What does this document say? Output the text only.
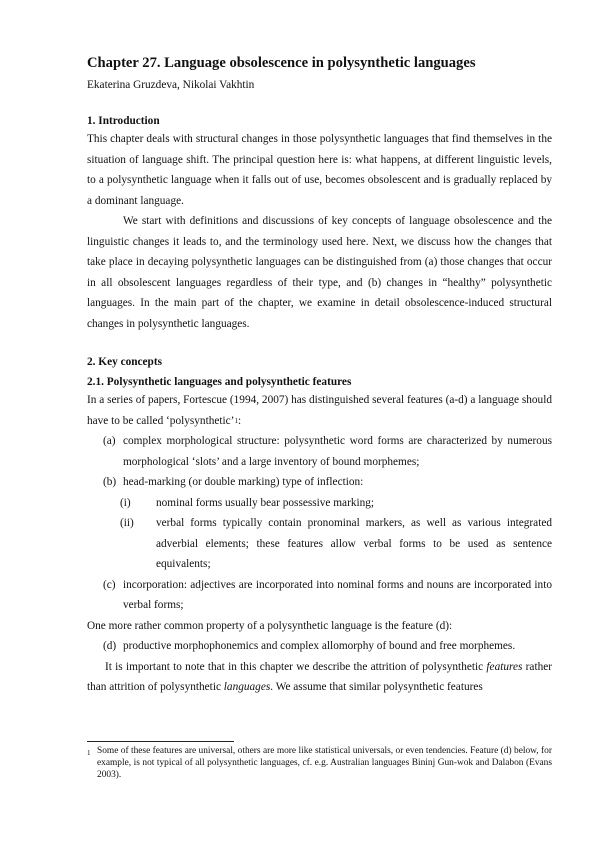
Chapter 27. Language obsolescence in polysynthetic languages
Ekaterina Gruzdeva, Nikolai Vakhtin
1. Introduction

This chapter deals with structural changes in those polysynthetic languages that find themselves in the situation of language shift. The principal question here is: what happens, at different linguistic levels, to a polysynthetic language when it falls out of use, becomes obsolescent and is gradually replaced by a dominant language.

We start with definitions and discussions of key concepts of language obsolescence and the linguistic changes it leads to, and the terminology used here. Next, we discuss how the changes that take place in decaying polysynthetic languages can be distinguished from (a) those changes that occur in all obsolescent languages regardless of their type, and (b) changes in “healthy” polysynthetic languages. In the main part of the chapter, we examine in detail obsolescence-induced structural changes in polysynthetic languages.

2. Key concepts
2.1. Polysynthetic languages and polysynthetic features

In a series of papers, Fortescue (1994, 2007) has distinguished several features (a-d) a language should have to be called ‘polysynthetic’$^1$:

(a) complex morphological structure: polysynthetic word forms are characterized by numerous morphological ‘slots’ and a large inventory of bound morphemes;
(b) head-marking (or double marking) type of inflection:
(i)	nominal forms usually bear possessive marking;
(ii)	verbal forms typically contain pronominal markers, as well as various integrated adverbial elements; these features allow verbal forms to be used as sentence equivalents;
(c) incorporation: adjectives are incorporated into nominal forms and nouns are incorporated into verbal forms;

One more rather common property of a polysynthetic language is the feature (d):

(d) productive morphophonemics and complex allomorphy of bound and free morphemes.

It is important to note that in this chapter we describe the attrition of polysynthetic features rather than attrition of polysynthetic languages. We assume that similar polysynthetic features

1 Some of these features are universal, others are more like statistical universals, or even tendencies. Feature (d) below, for example, is not typical of all polysynthetic languages, cf. e.g. Australian languages Bininj Gun-wok and Dalabon (Evans 2003).
